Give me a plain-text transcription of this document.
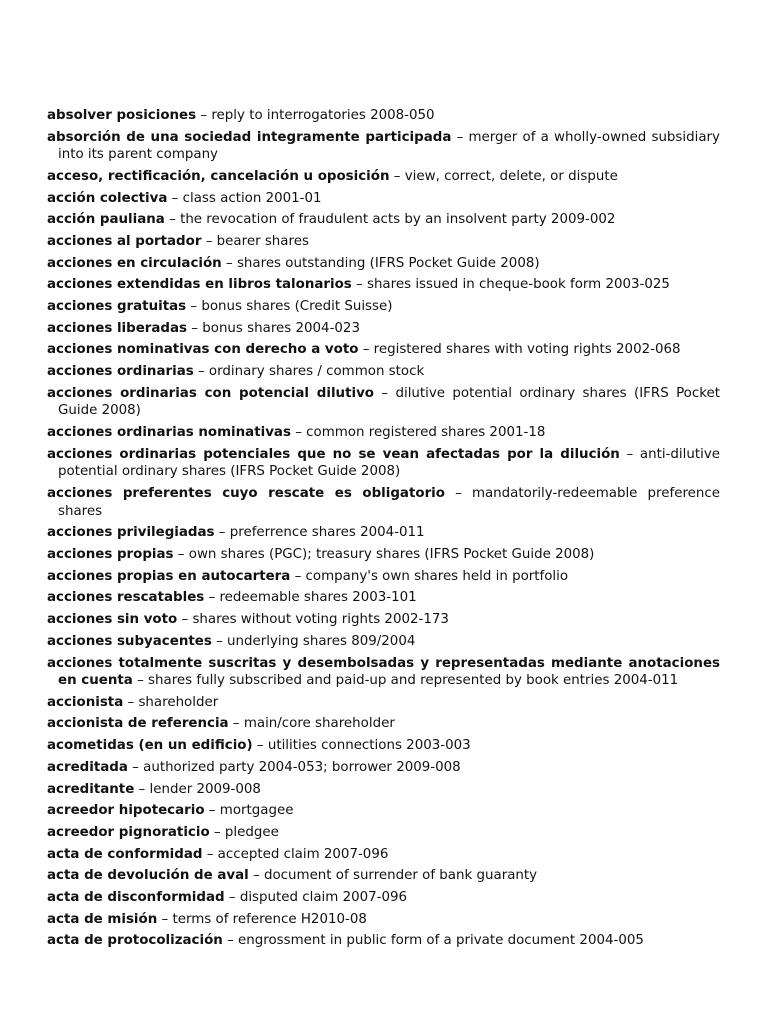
absolver posiciones – reply to interrogatories 2008-050
absorción de una sociedad integramente participada – merger of a wholly-owned subsidiary into its parent company
acceso, rectificación, cancelación u oposición – view, correct, delete, or dispute
acción colectiva – class action 2001-01
acción pauliana – the revocation of fraudulent acts by an insolvent party 2009-002
acciones al portador – bearer shares
acciones en circulación – shares outstanding (IFRS Pocket Guide 2008)
acciones extendidas en libros talonarios – shares issued in cheque-book form 2003-025
acciones gratuitas – bonus shares (Credit Suisse)
acciones liberadas – bonus shares 2004-023
acciones nominativas con derecho a voto – registered shares with voting rights 2002-068
acciones ordinarias – ordinary shares / common stock
acciones ordinarias con potencial dilutivo – dilutive potential ordinary shares (IFRS Pocket Guide 2008)
acciones ordinarias nominativas – common registered shares 2001-18
acciones ordinarias potenciales que no se vean afectadas por la dilución – anti-dilutive potential ordinary shares (IFRS Pocket Guide 2008)
acciones preferentes cuyo rescate es obligatorio – mandatorily-redeemable preference shares
acciones privilegiadas – preferrence shares 2004-011
acciones propias – own shares (PGC); treasury shares (IFRS Pocket Guide 2008)
acciones propias en autocartera – company's own shares held in portfolio
acciones rescatables – redeemable shares 2003-101
acciones sin voto – shares without voting rights 2002-173
acciones subyacentes – underlying shares 809/2004
acciones totalmente suscritas y desembolsadas y representadas mediante anotaciones en cuenta – shares fully subscribed and paid-up and represented by book entries 2004-011
accionista – shareholder
accionista de referencia – main/core shareholder
acometidas (en un edificio) – utilities connections 2003-003
acreditada – authorized party 2004-053; borrower 2009-008
acreditante – lender 2009-008
acreedor hipotecario – mortgagee
acreedor pignoraticio – pledgee
acta de conformidad – accepted claim 2007-096
acta de devolución de aval – document of surrender of bank guaranty
acta de disconformidad – disputed claim 2007-096
acta de misión – terms of reference H2010-08
acta de protocolización – engrossment in public form of a private document 2004-005
